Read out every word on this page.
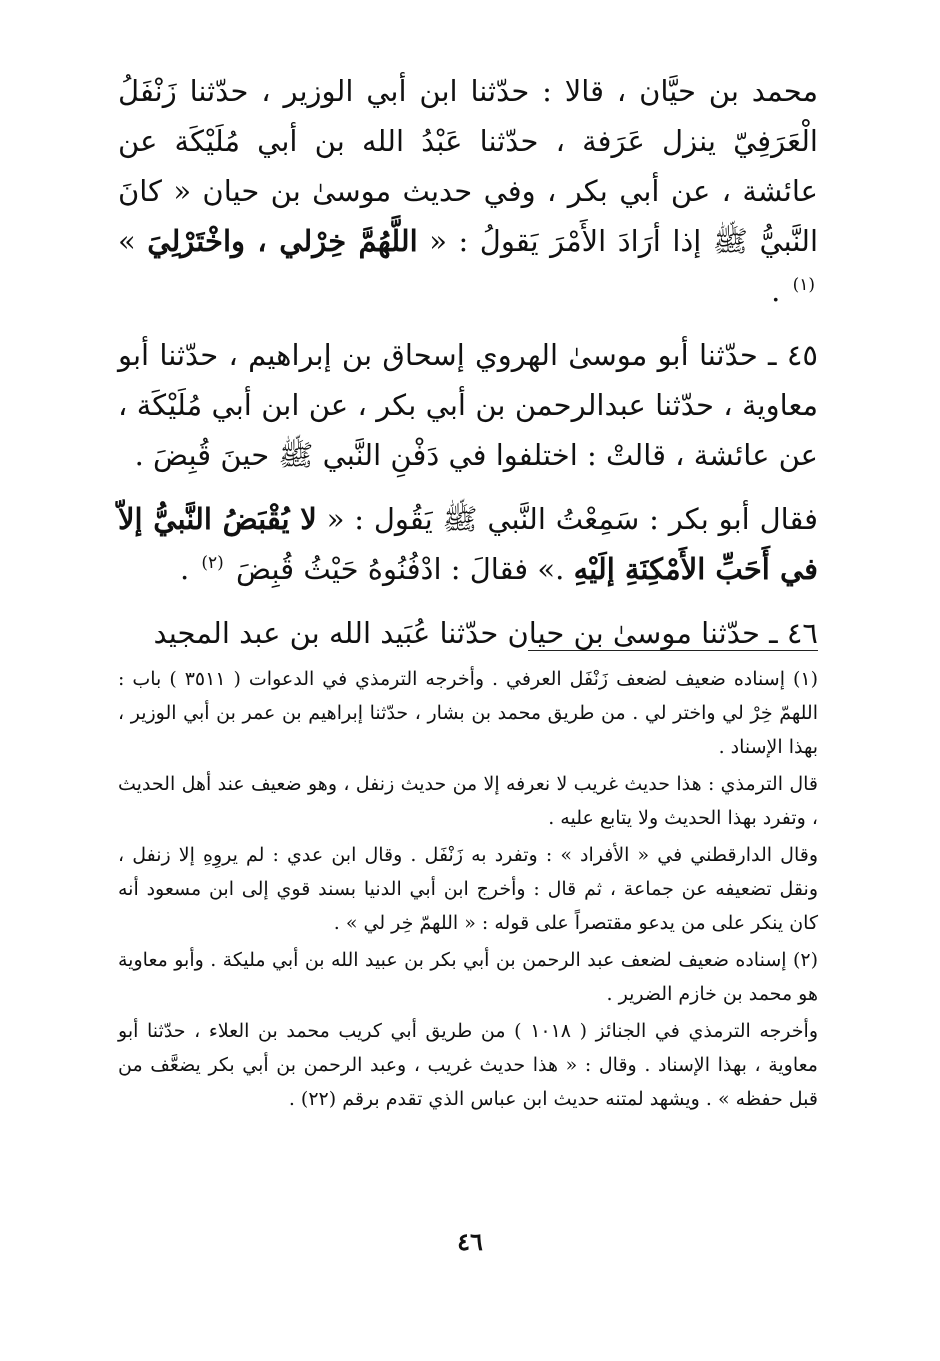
محمد بن حيَّان ، قالا : حدّثنا ابن أبي الوزير ، حدّثنا زَنْفَلُ الْعَرَفِيّ ينزل عَرَفة ، حدّثنا عَبْدُ الله بن أبي مُلَيْكَة عن عائشة ، عن أبي بكر ، وفي حديث موسىٰ بن حيان « كانَ النَّبيُّ ﷺ إذا أرَادَ الأَمْرَ يَقولُ : « اللَّهُمَّ خِرْلي ، واخْتَرْلِيَ » $^{(١)}$ .

٤٥ ـ حدّثنا أبو موسىٰ الهروي إسحاق بن إبراهيم ، حدّثنا أبو معاوية ، حدّثنا عبدالرحمن بن أبي بكر ، عن ابن أبي مُلَيْكَة ، عن عائشة ، قالتْ : اختلفوا في دَفْنِ النَّبي ﷺ حينَ قُبِضَ .

فقال أبو بكر : سَمِعْتُ النَّبي ﷺ يَقُول : « لا يُقْبَضُ النَّبيُّ إلاّ في أَحَبِّ الأَمْكِنَةِ إلَيْهِ .» فقالَ : ادْفُنُوهُ حَيْثُ قُبِضَ $^{(٢)}$ .

٤٦ ـ حدّثنا موسىٰ بن حيان حدّثنا عُبَيد الله بن عبد المجيد

(١) إسناده ضعيف لضعف زَنْفَل العرفي . وأخرجه الترمذي في الدعوات ( ٣٥١١ ) باب : اللهمّ خِرْ لي واختر لي . من طريق محمد بن بشار ، حدّثنا إبراهيم بن عمر بن أبي الوزير ، بهذا الإسناد .

قال الترمذي : هذا حديث غريب لا نعرفه إلا من حديث زنفل ، وهو ضعيف عند أهل الحديث ، وتفرد بهذا الحديث ولا يتابع عليه .

وقال الدارقطني في « الأفراد » : وتفرد به زَنْفَل . وقال ابن عدي : لم يروِهِ إلا زنفل ، ونقل تضعيفه عن جماعة ، ثم قال : وأخرج ابن أبي الدنيا بسند قوي إلى ابن مسعود أنه كان ينكر على من يدعو مقتصراً على قوله : « اللهمّ خِر لي » .

(٢) إسناده ضعيف لضعف عبد الرحمن بن أبي بكر بن عبيد الله بن أبي مليكة . وأبو معاوية هو محمد بن خازم الضرير .

وأخرجه الترمذي في الجنائز ( ١٠١٨ ) من طريق أبي كريب محمد بن العلاء ، حدّثنا أبو معاوية ، بهذا الإسناد . وقال : « هذا حديث غريب ، وعبد الرحمن بن أبي بكر يضعَّف من قبل حفظه » . ويشهد لمتنه حديث ابن عباس الذي تقدم برقم (٢٢) .

٤٦
